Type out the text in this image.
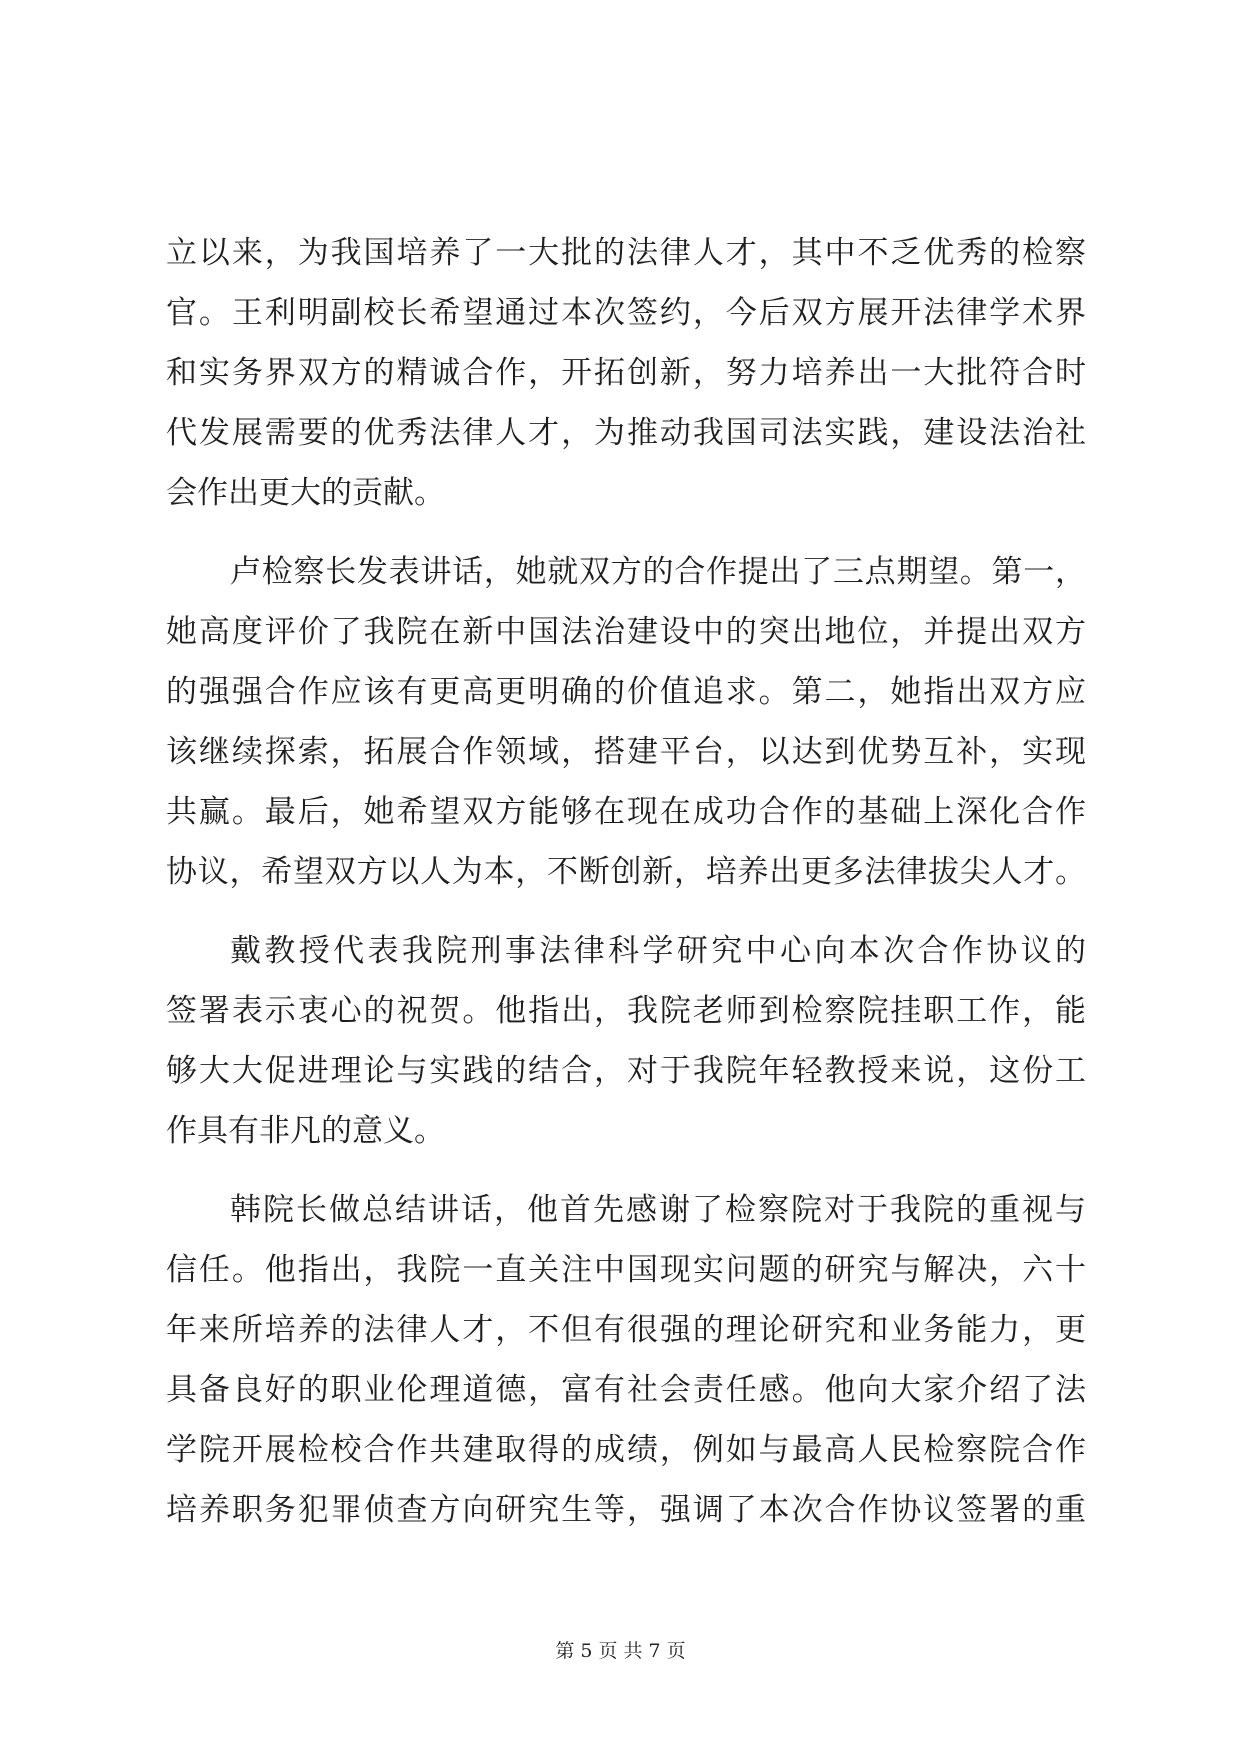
立以来，为我国培养了一大批的法律人才，其中不乏优秀的检察
官。王利明副校长希望通过本次签约，今后双方展开法律学术界
和实务界双方的精诚合作，开拓创新，努力培养出一大批符合时
代发展需要的优秀法律人才，为推动我国司法实践，建设法治社
会作出更大的贡献。
卢检察长发表讲话，她就双方的合作提出了三点期望。第一，
她高度评价了我院在新中国法治建设中的突出地位，并提出双方
的强强合作应该有更高更明确的价值追求。第二，她指出双方应
该继续探索，拓展合作领域，搭建平台，以达到优势互补，实现
共赢。最后，她希望双方能够在现在成功合作的基础上深化合作
协议，希望双方以人为本，不断创新，培养出更多法律拔尖人才。
戴教授代表我院刑事法律科学研究中心向本次合作协议的
签署表示衷心的祝贺。他指出，我院老师到检察院挂职工作，能
够大大促进理论与实践的结合，对于我院年轻教授来说，这份工
作具有非凡的意义。
韩院长做总结讲话，他首先感谢了检察院对于我院的重视与
信任。他指出，我院一直关注中国现实问题的研究与解决，六十
年来所培养的法律人才，不但有很强的理论研究和业务能力，更
具备良好的职业伦理道德，富有社会责任感。他向大家介绍了法
学院开展检校合作共建取得的成绩，例如与最高人民检察院合作
培养职务犯罪侦查方向研究生等，强调了本次合作协议签署的重
第 5 页 共 7 页
